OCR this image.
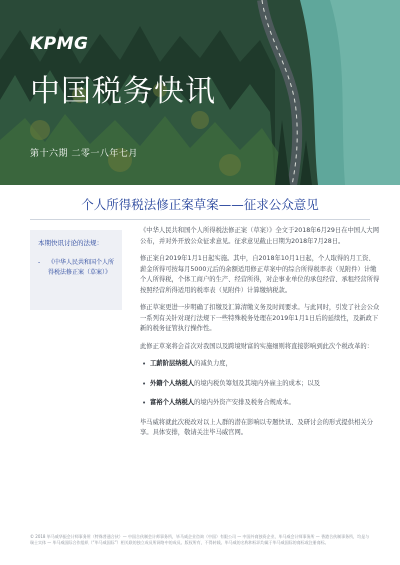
KPMG
中国税务快讯
第十六期 二零一八年七月
个人所得税法修正案草案——征求公众意见
本期快讯讨论的法规：
- 《中华人民共和国个人所得税法修正案（草案）》

《中华人民共和国个人所得税法修正案（草案）》全文于2018年6月29日在中国人大网公布，并对外开放公众征求意见。征求意见截止日期为2018年7月28日。

修正案自2019年1月1日起实施。其中，自2018年10月1日起，个人取得的月工资、薪金所得可按每月5000元后的余额适用修正草案中的综合所得税率表（见附件）计缴个人所得税，个体工商户的生产、经营所得，对企事业单位的承包经营、承租经营所得按照经营所得适用的税率表（见附件）计算缴纳税款。

修正草案更进一步明确了扣缴及汇算清缴义务及时间要求。与此同时，引发了社会公众一系列有关针对现行法规下一些特殊税务处理在2019年1月1日后的延续性，及新政下新的税务征管执行操作性。

此修正草案将会首次对我国以及跨境财富的实施细则将直接影响到此次个税改革的：

• 工薪阶层纳税人的减负力度，
• 外籍个人纳税人的境内税负筹划及其境内外雇主的成本；以及
• 富裕个人纳税人的境内外资产安排及税务合规成本。

毕马威将就此次税改对以上人群的潜在影响以专题快讯、及研讨会的形式提供相关分享。具体安排，敬请关注毕马威官网。

© 2018 毕马威华振会计师事务所（特殊普通合伙）— 中国合伙制会计师事务所，毕马威企业咨询（中国）有限公司 — 中国外商独资企业，毕马威会计师事务所 — 香港合伙制事务所，均是与瑞士实体 — 毕马威国际合作组织（“毕马威国际”）相关联的独立成员所网络中的成员。版权所有，不得转载。毕马威的名称和标识均属于毕马威国际的商标或注册商标。
